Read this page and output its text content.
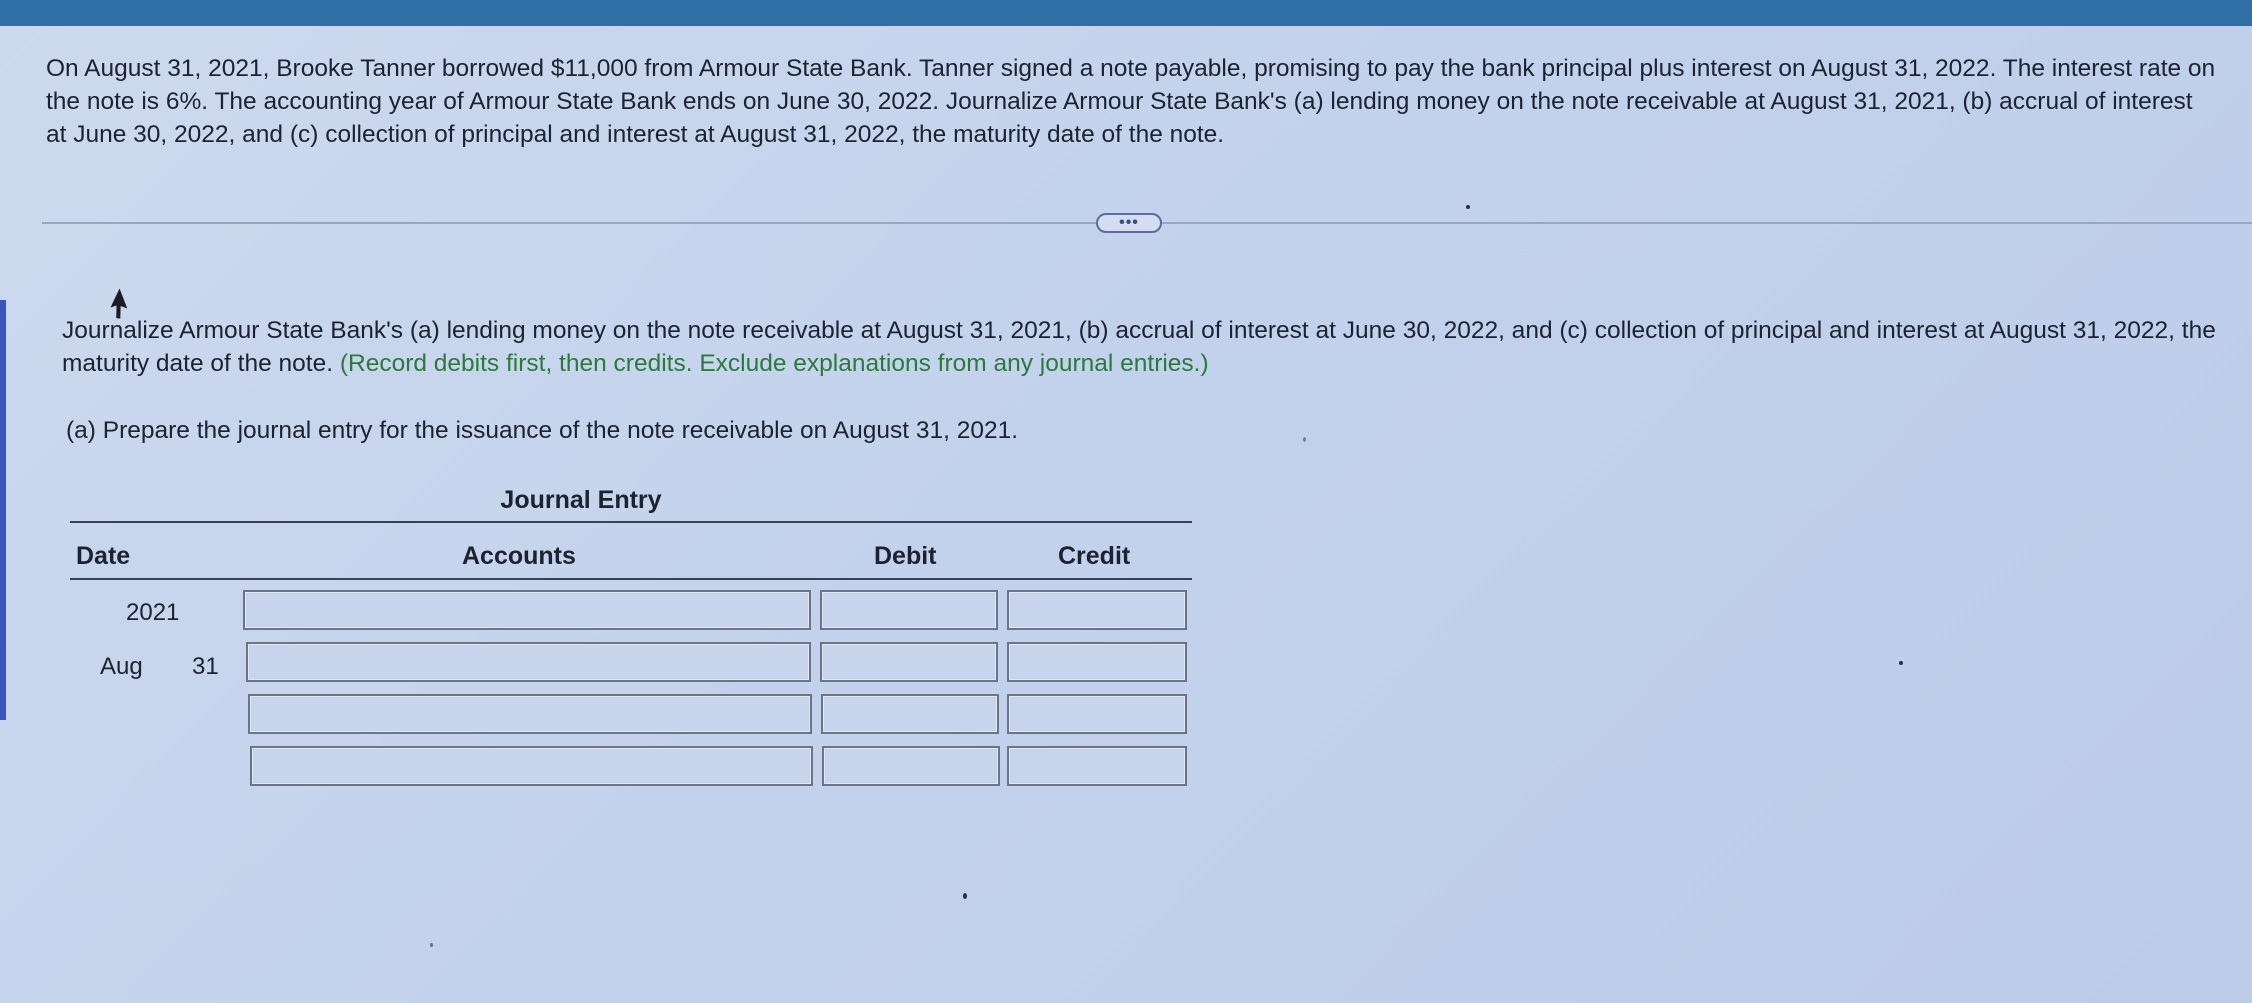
On August 31, 2021, Brooke Tanner borrowed $11,000 from Armour State Bank. Tanner signed a note payable, promising to pay the bank principal plus interest on August 31, 2022. The interest rate on the note is 6%. The accounting year of Armour State Bank ends on June 30, 2022. Journalize Armour State Bank's (a) lending money on the note receivable at August 31, 2021, (b) accrual of interest at June 30, 2022, and (c) collection of principal and interest at August 31, 2022, the maturity date of the note.
•••
Journalize Armour State Bank's (a) lending money on the note receivable at August 31, 2021, (b) accrual of interest at June 30, 2022, and (c) collection of principal and interest at August 31, 2022, the maturity date of the note. (Record debits first, then credits. Exclude explanations from any journal entries.)
(a) Prepare the journal entry for the issuance of the note receivable on August 31, 2021.
Journal Entry
Date	Accounts	Debit	Credit
2021
Aug 31
